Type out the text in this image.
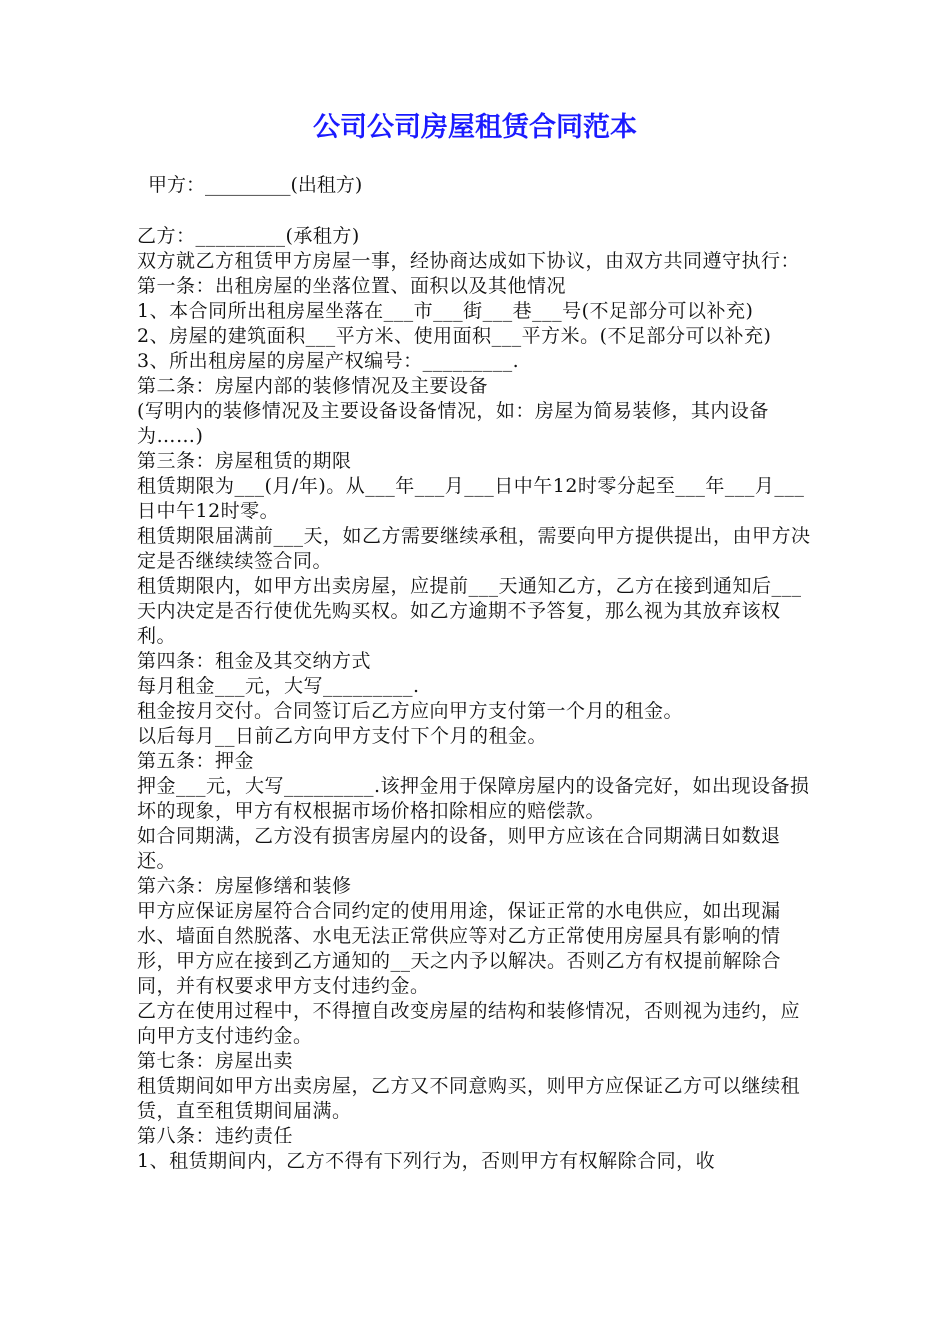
公司公司房屋租赁合同范本

甲方：_________(出租方)

乙方：_________(承租方)

双方就乙方租赁甲方房屋一事，经协商达成如下协议，由双方共同遵守执行：

第一条：出租房屋的坐落位置、面积以及其他情况

1、本合同所出租房屋坐落在___市___街___巷___号(不足部分可以补充)

2、房屋的建筑面积___平方米、使用面积___平方米。(不足部分可以补充)

3、所出租房屋的房屋产权编号：_________.

第二条：房屋内部的装修情况及主要设备

(写明内的装修情况及主要设备设备情况，如：房屋为简易装修，其内设备为……)

第三条：房屋租赁的期限

租赁期限为___(月/年)。从___年___月___日中午12时零分起至___年___月___日中午12时零。

租赁期限届满前___天，如乙方需要继续承租，需要向甲方提供提出，由甲方决定是否继续续签合同。

租赁期限内，如甲方出卖房屋，应提前___天通知乙方，乙方在接到通知后___天内决定是否行使优先购买权。如乙方逾期不予答复，那么视为其放弃该权利。

第四条：租金及其交纳方式

每月租金___元，大写_________.

租金按月交付。合同签订后乙方应向甲方支付第一个月的租金。

以后每月__日前乙方向甲方支付下个月的租金。

第五条：押金

押金___元，大写_________.该押金用于保障房屋内的设备完好，如出现设备损坏的现象，甲方有权根据市场价格扣除相应的赔偿款。

如合同期满，乙方没有损害房屋内的设备，则甲方应该在合同期满日如数退还。

第六条：房屋修缮和装修

甲方应保证房屋符合合同约定的使用用途，保证正常的水电供应，如出现漏水、墙面自然脱落、水电无法正常供应等对乙方正常使用房屋具有影响的情形，甲方应在接到乙方通知的__天之内予以解决。否则乙方有权提前解除合同，并有权要求甲方支付违约金。

乙方在使用过程中，不得擅自改变房屋的结构和装修情况，否则视为违约，应向甲方支付违约金。

第七条：房屋出卖

租赁期间如甲方出卖房屋，乙方又不同意购买，则甲方应保证乙方可以继续租赁，直至租赁期间届满。

第八条：违约责任

1、租赁期间内，乙方不得有下列行为，否则甲方有权解除合同，收
